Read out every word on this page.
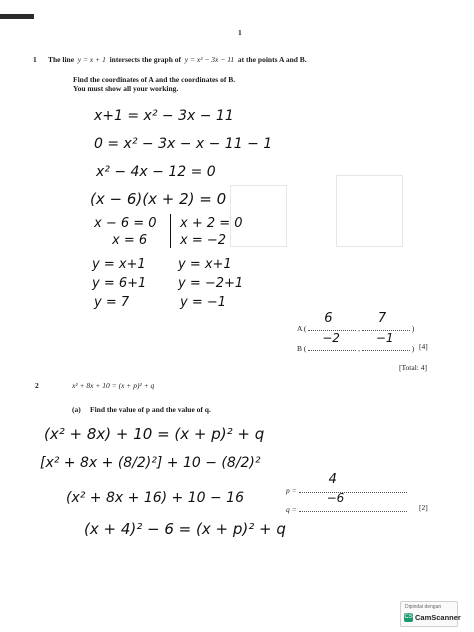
1
1 The line y = x + 1 intersects the graph of y = x² − 3x − 11 at the points A and B.
Find the coordinates of A and the coordinates of B.
You must show all your working.
x+1 = x² − 3x − 11
0 = x² − 3x − x − 11 − 1
x² − 4x − 12 = 0
(x − 6)(x + 2) = 0
x − 6 = 0
x = 6
y = x+1
y = 6+1
y = 7
x + 2 = 0
x = −2
y = x+1
y = −2+1
y = −1
A (
6
,
7
)
B (
−2
,
−1
) [4]
[Total: 4]
2	x² + 8x + 10 = (x + p)² + q
(a) Find the value of p and the value of q.
(x² + 8x) + 10 = (x + p)² + q
[x² + 8x + (8/2)²] + 10 − (8/2)²
(x² + 8x + 16) + 10 − 16
(x + 4)² − 6 = (x + p)² + q
p =
4
q =
−6
[2]
Dipindai dengan
CS CamScanner
